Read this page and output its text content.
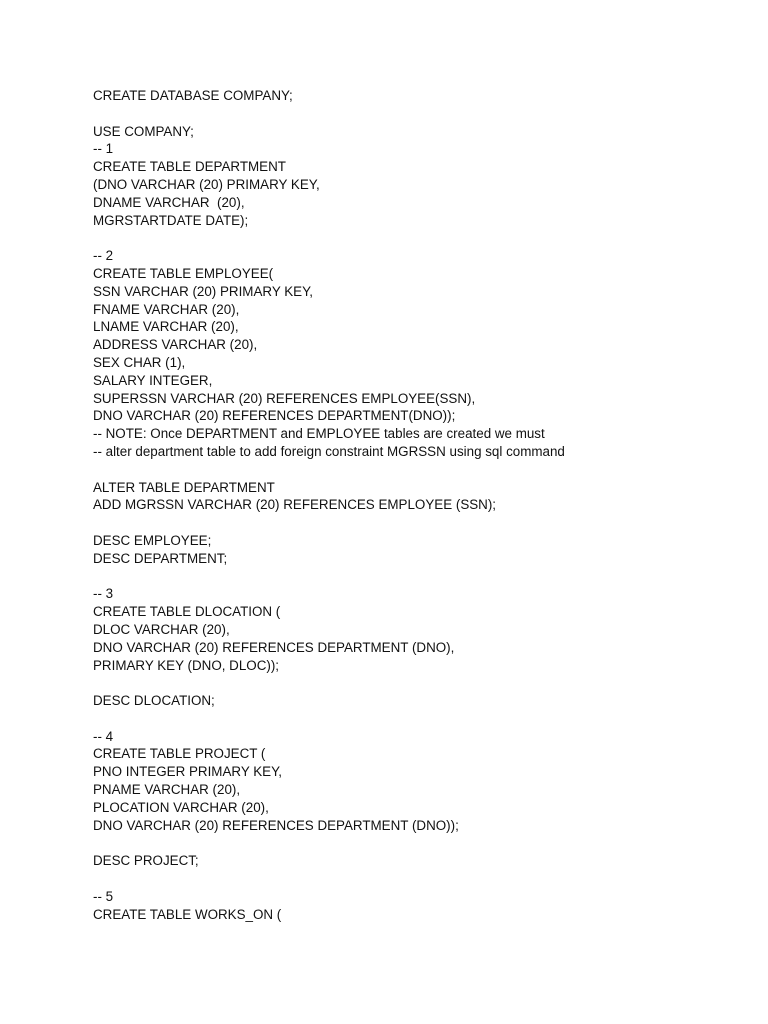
CREATE DATABASE COMPANY;
USE COMPANY;
-- 1
CREATE TABLE DEPARTMENT
(DNO VARCHAR (20) PRIMARY KEY,
DNAME VARCHAR  (20),
MGRSTARTDATE DATE);
-- 2
CREATE TABLE EMPLOYEE(
SSN VARCHAR (20) PRIMARY KEY,
FNAME VARCHAR (20),
LNAME VARCHAR (20),
ADDRESS VARCHAR (20),
SEX CHAR (1),
SALARY INTEGER,
SUPERSSN VARCHAR (20) REFERENCES EMPLOYEE(SSN),
DNO VARCHAR (20) REFERENCES DEPARTMENT(DNO));
-- NOTE: Once DEPARTMENT and EMPLOYEE tables are created we must
-- alter department table to add foreign constraint MGRSSN using sql command
ALTER TABLE DEPARTMENT
ADD MGRSSN VARCHAR (20) REFERENCES EMPLOYEE (SSN);
DESC EMPLOYEE;
DESC DEPARTMENT;
-- 3
CREATE TABLE DLOCATION (
DLOC VARCHAR (20),
DNO VARCHAR (20) REFERENCES DEPARTMENT (DNO),
PRIMARY KEY (DNO, DLOC));
DESC DLOCATION;
-- 4
CREATE TABLE PROJECT (
PNO INTEGER PRIMARY KEY,
PNAME VARCHAR (20),
PLOCATION VARCHAR (20),
DNO VARCHAR (20) REFERENCES DEPARTMENT (DNO));
DESC PROJECT;
-- 5
CREATE TABLE WORKS_ON (
